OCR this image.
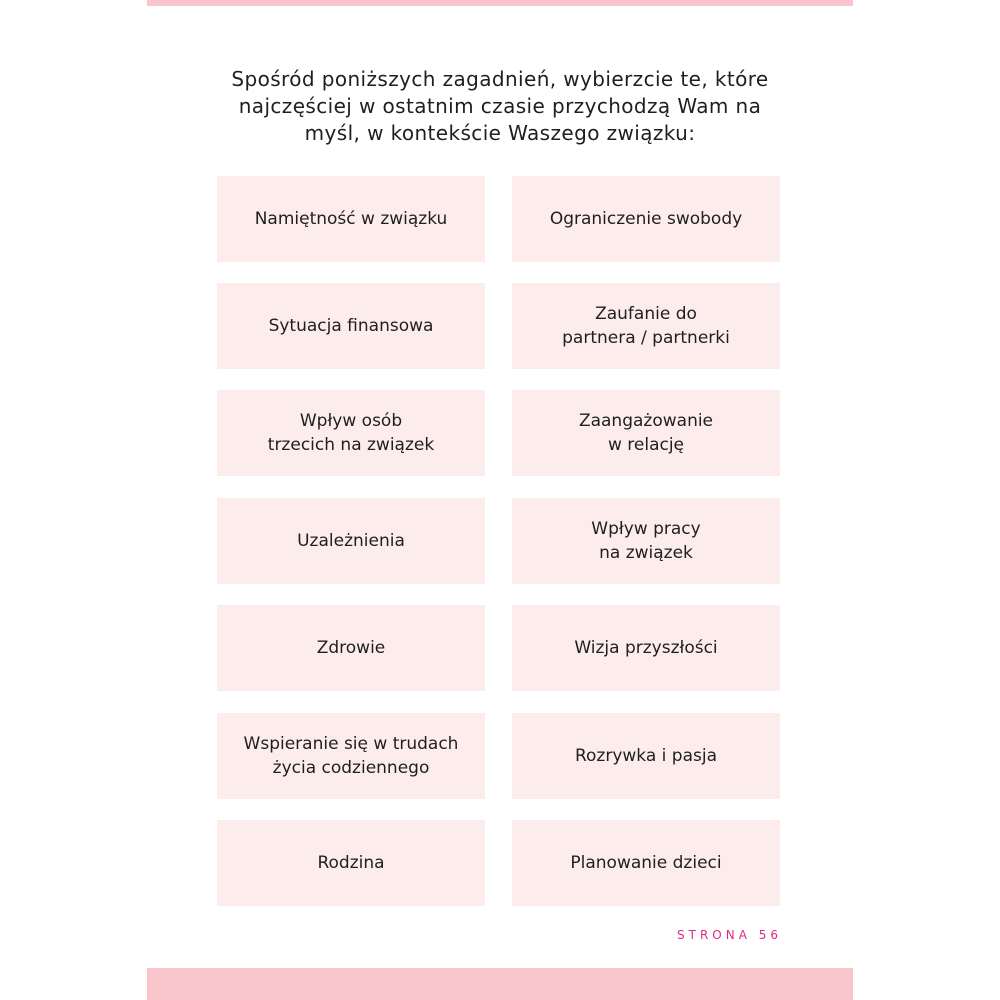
Spośród poniższych zagadnień, wybierzcie te, które
najczęściej w ostatnim czasie przychodzą Wam na
myśl, w kontekście Waszego związku:
Namiętność w związku	Ograniczenie swobody
Sytuacja finansowa
Zaufanie do
partnera / partnerki
Wpływ osób
trzecich na związek
Zaangażowanie
w relację
Uzależnienia
Wpływ pracy
na związek
Zdrowie	Wizja przyszłości
Wspieranie się w trudach
życia codziennego
Rozrywka i pasja
Rodzina	Planowanie dzieci
STRONA 56
